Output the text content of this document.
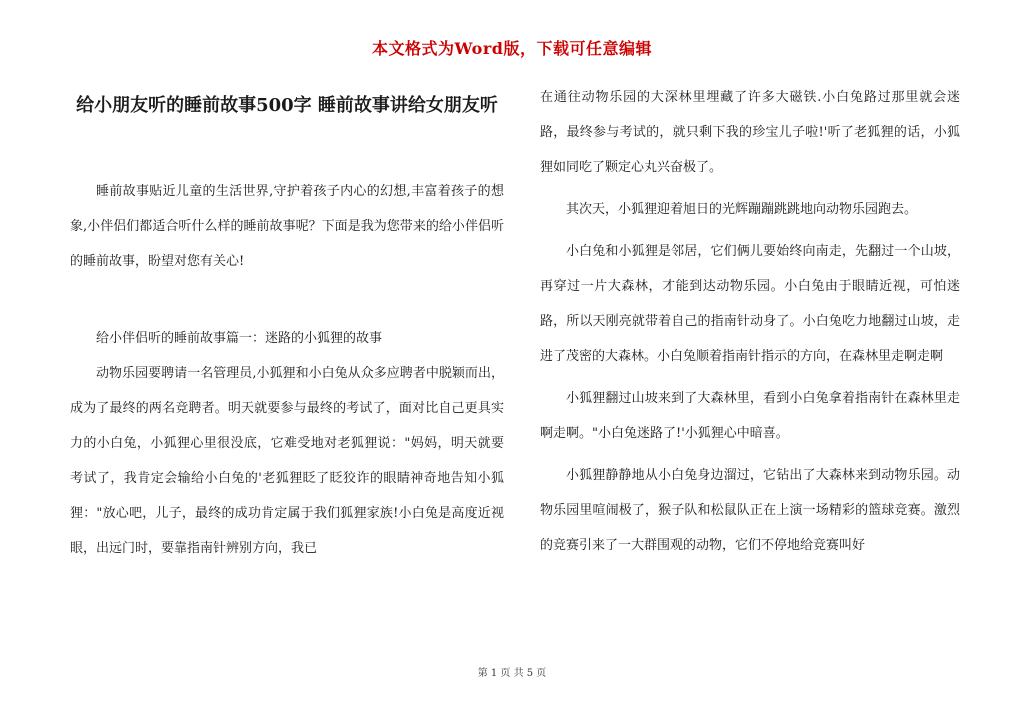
本文格式为Word版，下载可任意编辑
给小朋友听的睡前故事500字 睡前故事讲给女朋友听

睡前故事贴近儿童的生活世界,守护着孩子内心的幻想,丰富着孩子的想象,小伴侣们都适合听什么样的睡前故事呢？下面是我为您带来的给小伴侣听的睡前故事，盼望对您有关心!

给小伴侣听的睡前故事篇一：迷路的小狐狸的故事

动物乐园要聘请一名管理员,小狐狸和小白兔从众多应聘者中脱颖而出，成为了最终的两名竞聘者。明天就要参与最终的考试了，面对比自己更具实力的小白兔，小狐狸心里很没底，它难受地对老狐狸说："妈妈，明天就要考试了，我肯定会输给小白兔的'老狐狸眨了眨狡诈的眼睛神奇地告知小狐狸："放心吧，儿子，最终的成功肯定属于我们狐狸家族!小白兔是高度近视眼，出远门时，要靠指南针辨别方向，我已

在通往动物乐园的大深林里埋藏了许多大磁铁.小白兔路过那里就会迷路，最终参与考试的，就只剩下我的珍宝儿子啦!'听了老狐狸的话，小狐狸如同吃了颗定心丸兴奋极了。

其次天，小狐狸迎着旭日的光辉蹦蹦跳跳地向动物乐园跑去。

小白兔和小狐狸是邻居，它们俩儿要始终向南走，先翻过一个山坡，再穿过一片大森林，才能到达动物乐园。小白兔由于眼睛近视，可怕迷路，所以天刚亮就带着自己的指南针动身了。小白兔吃力地翻过山坡，走进了茂密的大森林。小白兔顺着指南针指示的方向，在森林里走啊走啊

小狐狸翻过山坡来到了大森林里，看到小白兔拿着指南针在森林里走啊走啊。"小白兔迷路了!'小狐狸心中暗喜。

小狐狸静静地从小白兔身边溜过，它钻出了大森林来到动物乐园。动物乐园里喧闹极了，猴子队和松鼠队正在上演一场精彩的篮球竞赛。激烈的竞赛引来了一大群围观的动物，它们不停地给竞赛叫好

第 1 页 共 5 页
